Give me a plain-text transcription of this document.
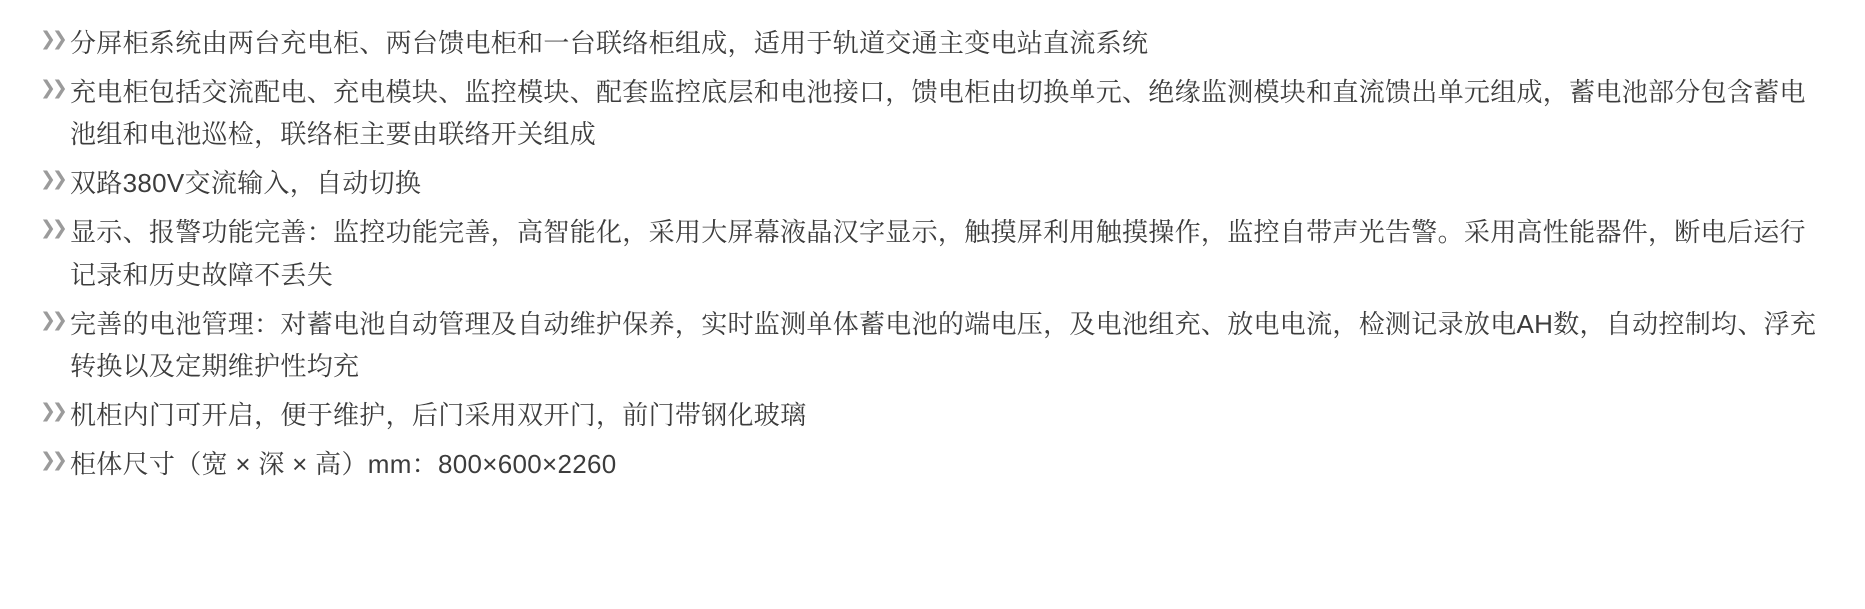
❯❯ 分屏柜系统由两台充电柜、两台馈电柜和一台联络柜组成，适用于轨道交通主变电站直流系统
❯❯ 充电柜包括交流配电、充电模块、监控模块、配套监控底层和电池接口，馈电柜由切换单元、绝缘监测模块和直流馈出单元组成，蓄电池部分包含蓄电池组和电池巡检，联络柜主要由联络开关组成
❯❯ 双路380V交流输入，自动切换
❯❯ 显示、报警功能完善：监控功能完善，高智能化，采用大屏幕液晶汉字显示，触摸屏利用触摸操作，监控自带声光告警。采用高性能器件，断电后运行记录和历史故障不丢失
❯❯ 完善的电池管理：对蓄电池自动管理及自动维护保养，实时监测单体蓄电池的端电压，及电池组充、放电电流，检测记录放电AH数，自动控制均、浮充转换以及定期维护性均充
❯❯ 机柜内门可开启，便于维护，后门采用双开门，前门带钢化玻璃
❯❯ 柜体尺寸（宽 × 深 × 高）mm：800×600×2260
